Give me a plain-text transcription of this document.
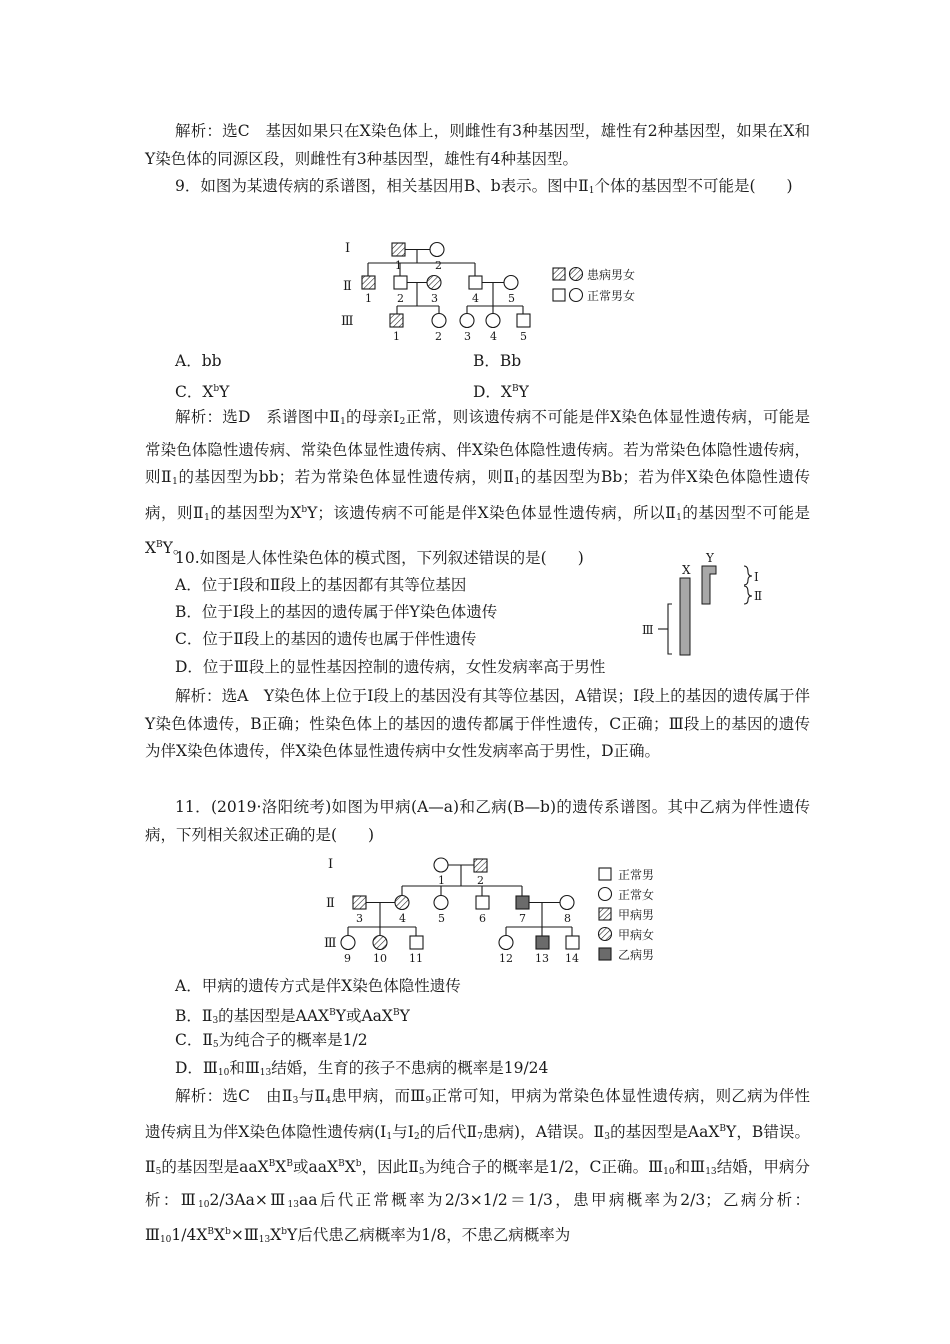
解析：选C　基因如果只在X染色体上，则雌性有3种基因型，雄性有2种基因型，如果在X和Y染色体的同源区段，则雌性有3种基因型，雄性有4种基因型。

9．如图为某遗传病的系谱图，相关基因用B、b表示。图中$Ⅱ_1$个体的基因型不可能是(　　)

Ⅰ
Ⅱ
Ⅲ
1	2
1 2 3	4	5
1	2 3 4 5
患病男女
正常男女

A．bb	B．Bb

C．$X^bY$	D．$X^BY$

解析：选D　系谱图中$Ⅱ_1$的母亲$Ⅰ_2$正常，则该遗传病不可能是伴X染色体显性遗传病，可能是常染色体隐性遗传病、常染色体显性遗传病、伴X染色体隐性遗传病。若为常染色体隐性遗传病，则$Ⅱ_1$的基因型为bb；若为常染色体显性遗传病，则$Ⅱ_1$的基因型为Bb；若为伴X染色体隐性遗传病，则$Ⅱ_1$的基因型为$X^bY$；该遗传病不可能是伴X染色体显性遗传病，所以$Ⅱ_1$的基因型不可能是$X^BY$。

10.如图是人体性染色体的模式图，下列叙述错误的是(　　)

A．位于Ⅰ段和Ⅱ段上的基因都有其等位基因

B．位于Ⅰ段上的基因的遗传属于伴Y染色体遗传

C．位于Ⅱ段上的基因的遗传也属于伴性遗传

D．位于Ⅲ段上的显性基因控制的遗传病，女性发病率高于男性

X
Y
Ⅰ
Ⅱ
Ⅲ

解析：选A　Y染色体上位于Ⅰ段上的基因没有其等位基因，A错误；Ⅰ段上的基因的遗传属于伴Y染色体遗传，B正确；性染色体上的基因的遗传都属于伴性遗传，C正确；Ⅲ段上的基因的遗传为伴X染色体遗传，伴X染色体显性遗传病中女性发病率高于男性，D正确。

11．(2019·洛阳统考)如图为甲病(A—a)和乙病(B—b)的遗传系谱图。其中乙病为伴性遗传病，下列相关叙述正确的是(　　)

Ⅰ
Ⅱ
Ⅲ
1	2
3	4	5	6	7	8
9 10 11	12 13 14
正常男
正常女
甲病男
甲病女
乙病男

A．甲病的遗传方式是伴X染色体隐性遗传

B．$Ⅱ_3$的基因型是$AAX^BY$或AaX$^B$Y

C．$Ⅱ_5$为纯合子的概率是1/2

D．$Ⅲ_{10}$和$Ⅲ_{13}$结婚，生育的孩子不患病的概率是19/24

解析：选C　由$Ⅱ_3$与$Ⅱ_4$患甲病，而$Ⅲ_9$正常可知，甲病为常染色体显性遗传病，则乙病为伴性遗传病且为伴X染色体隐性遗传病($Ⅰ_1$与$Ⅰ_2$的后代$Ⅱ_7$患病)，A错误。$Ⅱ_3$的基因型是AaX$^B$Y，B错误。$Ⅱ_5$的基因型是$aaX^BX^B$或$aaX^BX^b$，因此$Ⅱ_5$为纯合子的概率是1/2，C正确。$Ⅲ_{10}$和$Ⅲ_{13}$结婚，甲病分析：$Ⅲ_{10}2/3Aa\times Ⅲ_{13}aa$后代正常概率为2/3×1/2＝1/3，患甲病概率为2/3；乙病分析：$Ⅲ_{10}1/4X^BX^b\times Ⅲ_{13}X^bY$后代患乙病概率为1/8，不患乙病概率为
